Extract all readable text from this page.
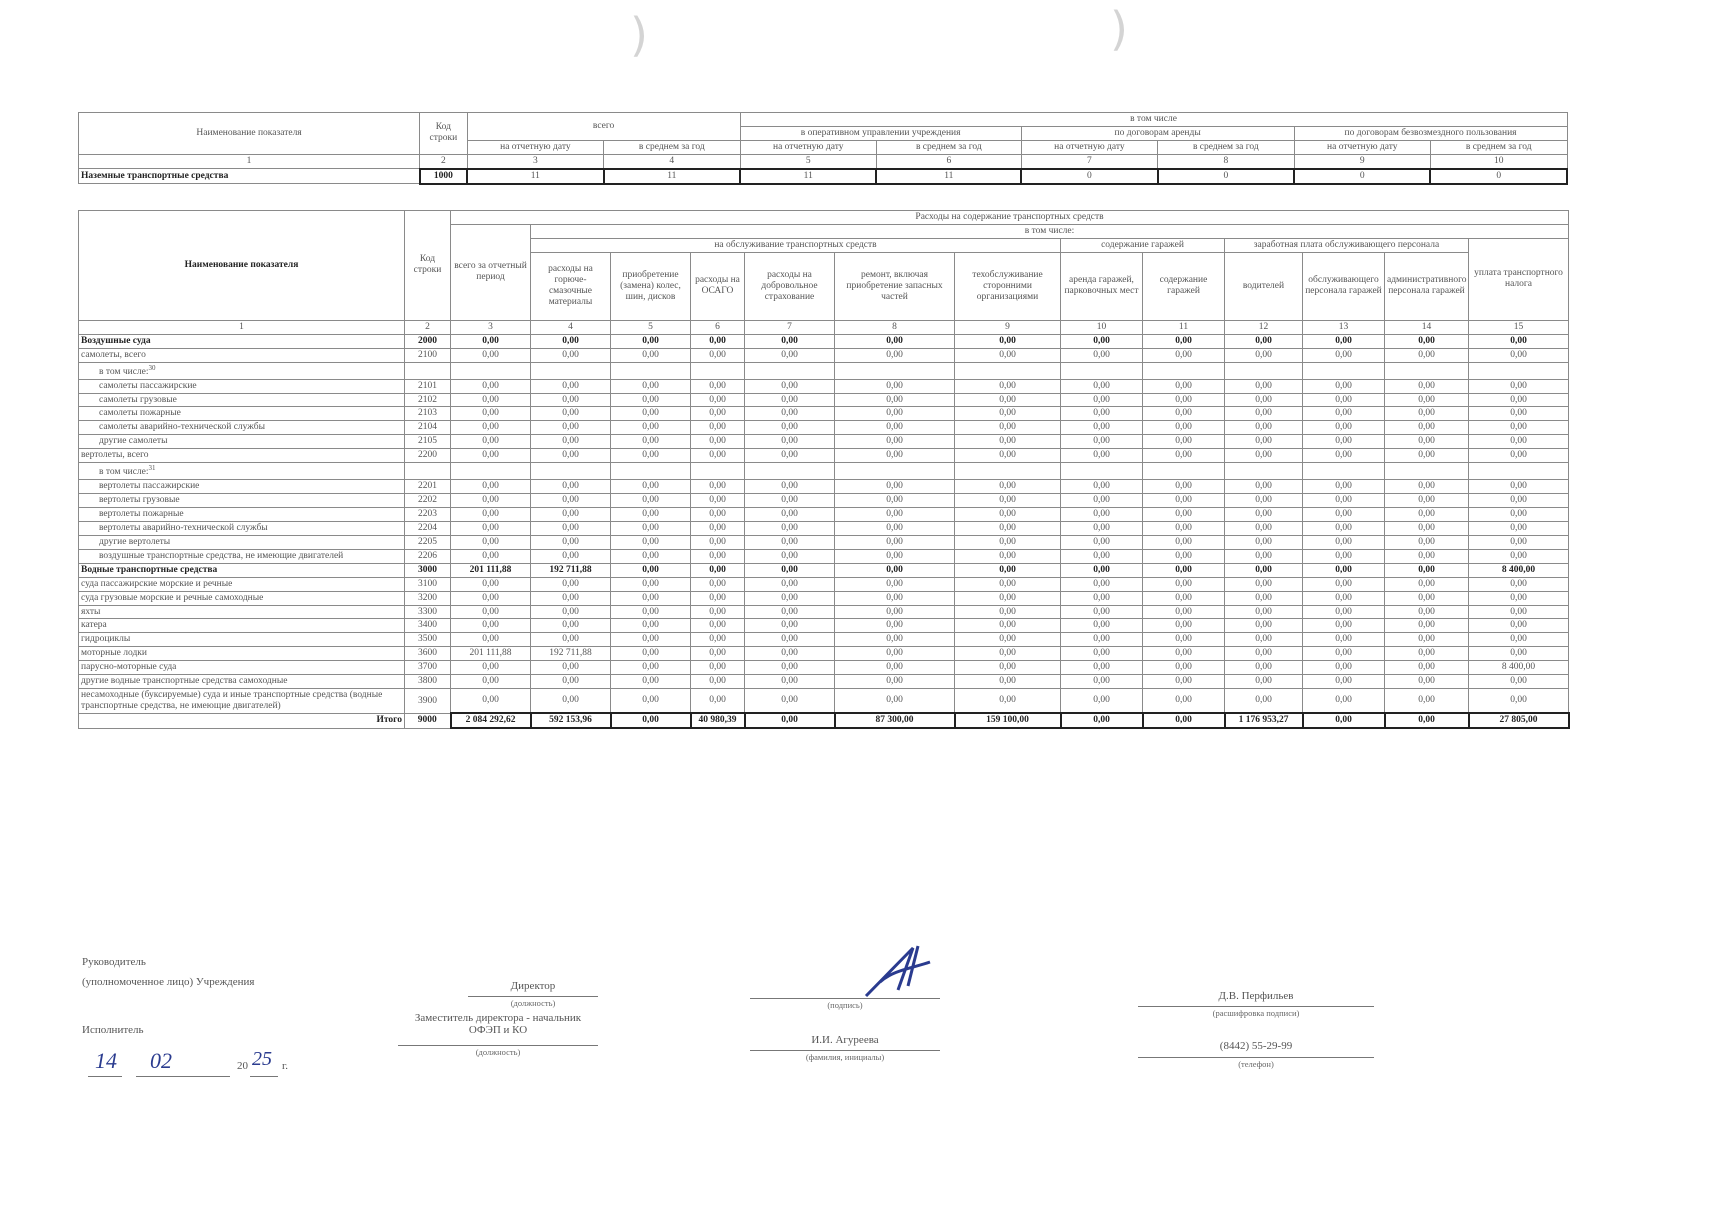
)	)
Наименование показателя	Код строки	всего		в том числе					
				в оперативном управлении учреждения		по договорам аренды		по договорам безвозмездного пользования	
		на отчетную дату	в среднем за год	на отчетную дату	в среднем за год	на отчетную дату	в среднем за год	на отчетную дату	в среднем за год
1	2	3	4	5	6	7	8	9	10
Наземные транспортные средства	1000	11	11	11	11	0	0	0	0
Наименование показателя	Код строки	Расходы на содержание транспортных средств												
		всего за отчетный период	в том числе:											
			на обслуживание транспортных средств						содержание гаражей		заработная плата обслуживающего персонала			уплата транспортного налога
			расходы на горюче-смазочные материалы	приобретение (замена) колес, шин, дисков	расходы на ОСАГО	расходы на добровольное страхование	ремонт, включая приобретение запасных частей	техобслуживание сторонними организациями	аренда гаражей, парковочных мест	содержание гаражей	водителей	обслуживающего персонала гаражей	административного персонала гаражей	
1	2	3	4	5	6	7	8	9	10	11	12	13	14	15
Воздушные суда	2000	0,00	0,00	0,00	0,00	0,00	0,00	0,00	0,00	0,00	0,00	0,00	0,00	0,00
самолеты, всего	2100	0,00	0,00	0,00	0,00	0,00	0,00	0,00	0,00	0,00	0,00	0,00	0,00	0,00
в том числе:$^{30}$														
самолеты пассажирские	2101	0,00	0,00	0,00	0,00	0,00	0,00	0,00	0,00	0,00	0,00	0,00	0,00	0,00
самолеты грузовые	2102	0,00	0,00	0,00	0,00	0,00	0,00	0,00	0,00	0,00	0,00	0,00	0,00	0,00
самолеты пожарные	2103	0,00	0,00	0,00	0,00	0,00	0,00	0,00	0,00	0,00	0,00	0,00	0,00	0,00
самолеты аварийно-технической службы	2104	0,00	0,00	0,00	0,00	0,00	0,00	0,00	0,00	0,00	0,00	0,00	0,00	0,00
другие самолеты	2105	0,00	0,00	0,00	0,00	0,00	0,00	0,00	0,00	0,00	0,00	0,00	0,00	0,00
вертолеты, всего	2200	0,00	0,00	0,00	0,00	0,00	0,00	0,00	0,00	0,00	0,00	0,00	0,00	0,00
в том числе:$^{31}$														
вертолеты пассажирские	2201	0,00	0,00	0,00	0,00	0,00	0,00	0,00	0,00	0,00	0,00	0,00	0,00	0,00
вертолеты грузовые	2202	0,00	0,00	0,00	0,00	0,00	0,00	0,00	0,00	0,00	0,00	0,00	0,00	0,00
вертолеты пожарные	2203	0,00	0,00	0,00	0,00	0,00	0,00	0,00	0,00	0,00	0,00	0,00	0,00	0,00
вертолеты аварийно-технической службы	2204	0,00	0,00	0,00	0,00	0,00	0,00	0,00	0,00	0,00	0,00	0,00	0,00	0,00
другие вертолеты	2205	0,00	0,00	0,00	0,00	0,00	0,00	0,00	0,00	0,00	0,00	0,00	0,00	0,00
воздушные транспортные средства, не имеющие двигателей	2206	0,00	0,00	0,00	0,00	0,00	0,00	0,00	0,00	0,00	0,00	0,00	0,00	0,00
Водные транспортные средства	3000	201 111,88	192 711,88	0,00	0,00	0,00	0,00	0,00	0,00	0,00	0,00	0,00	0,00	8 400,00
суда пассажирские морские и речные	3100	0,00	0,00	0,00	0,00	0,00	0,00	0,00	0,00	0,00	0,00	0,00	0,00	0,00
суда грузовые морские и речные самоходные	3200	0,00	0,00	0,00	0,00	0,00	0,00	0,00	0,00	0,00	0,00	0,00	0,00	0,00
яхты	3300	0,00	0,00	0,00	0,00	0,00	0,00	0,00	0,00	0,00	0,00	0,00	0,00	0,00
катера	3400	0,00	0,00	0,00	0,00	0,00	0,00	0,00	0,00	0,00	0,00	0,00	0,00	0,00
гидроциклы	3500	0,00	0,00	0,00	0,00	0,00	0,00	0,00	0,00	0,00	0,00	0,00	0,00	0,00
моторные лодки	3600	201 111,88	192 711,88	0,00	0,00	0,00	0,00	0,00	0,00	0,00	0,00	0,00	0,00	0,00
парусно-моторные суда	3700	0,00	0,00	0,00	0,00	0,00	0,00	0,00	0,00	0,00	0,00	0,00	0,00	8 400,00
другие водные транспортные средства самоходные	3800	0,00	0,00	0,00	0,00	0,00	0,00	0,00	0,00	0,00	0,00	0,00	0,00	0,00
несамоходные (буксируемые) суда и иные транспортные средства (водные транспортные средства, не имеющие двигателей)	3900	0,00	0,00	0,00	0,00	0,00	0,00	0,00	0,00	0,00	0,00	0,00	0,00	0,00
Итого	9000	2 084 292,62	592 153,96	0,00	40 980,39	0,00	87 300,00	159 100,00	0,00	0,00	1 176 953,27	0,00	0,00	27 805,00
Руководитель
(уполномоченное лицо) Учреждения	Директор
(должность)
Заместитель директора - начальник ОФЭП и КО
(должность)
(подпись)
И.И. Агуреева
(фамилия, инициалы)
Д.В. Перфильев
(расшифровка подписи)
(8442) 55-29-99
(телефон)
Исполнитель
14 02	20 25 г.
